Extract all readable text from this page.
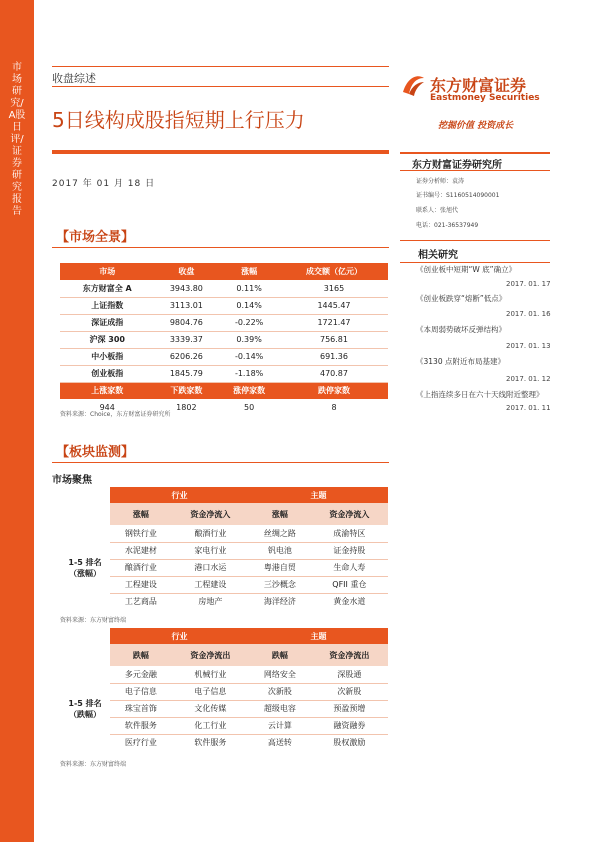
市场研究/A股日评/证券研究报告
收盘综述
5日线构成股指短期上行压力
2017 年 01 月 18 日
东方财富证券
Eastmoney Securities
挖掘价值 投资成长
【市场全景】
市场	收盘	涨幅	成交额（亿元）
东方财富全 A	3943.80	0.11%	3165
上证指数	3113.01	0.14%	1445.47
深证成指	9804.76	-0.22%	1721.47
沪深 300	3339.37	0.39%	756.81
中小板指	6206.26	-0.14%	691.36
创业板指	1845.79	-1.18%	470.87
上涨家数	下跌家数	涨停家数	跌停家数
944	1802	50	8
资料来源：Choice，东方财富证券研究所
【板块监测】
市场聚焦
	行业		主题	
	涨幅	资金净流入	涨幅	资金净流入
1-5 排名
（涨幅）	钢铁行业	酿酒行业	丝绸之路	成渝特区
	水泥建材	家电行业	钒电池	证金持股
	酿酒行业	港口水运	粤港自贸	生命人寿
	工程建设	工程建设	三沙概念	QFII 重仓
	工艺商品	房地产	海洋经济	黄金水道
资料来源：东方财富终端
	行业		主题	
	跌幅	资金净流出	跌幅	资金净流出
1-5 排名
（跌幅）	多元金融	机械行业	网络安全	深股通
	电子信息	电子信息	次新股	次新股
	珠宝首饰	文化传媒	超级电容	预盈预增
	软件服务	化工行业	云计算	融资融券
	医疗行业	软件服务	高送转	股权激励
资料来源：东方财富终端
东方财富证券研究所
证券分析师：袁涛
证书编号：S1160514090001
联系人：张旭代
电话：021-36537949
相关研究
《创业板中短期“W 底”确立》
2017. 01. 17
《创业板跌穿“熔断”低点》
2017. 01. 16
《本周弱势破坏反弹结构》
2017. 01. 13
《3130 点附近布局基建》
2017. 01. 12
《上指连续多日在六十天线附近整理》
2017. 01. 11
